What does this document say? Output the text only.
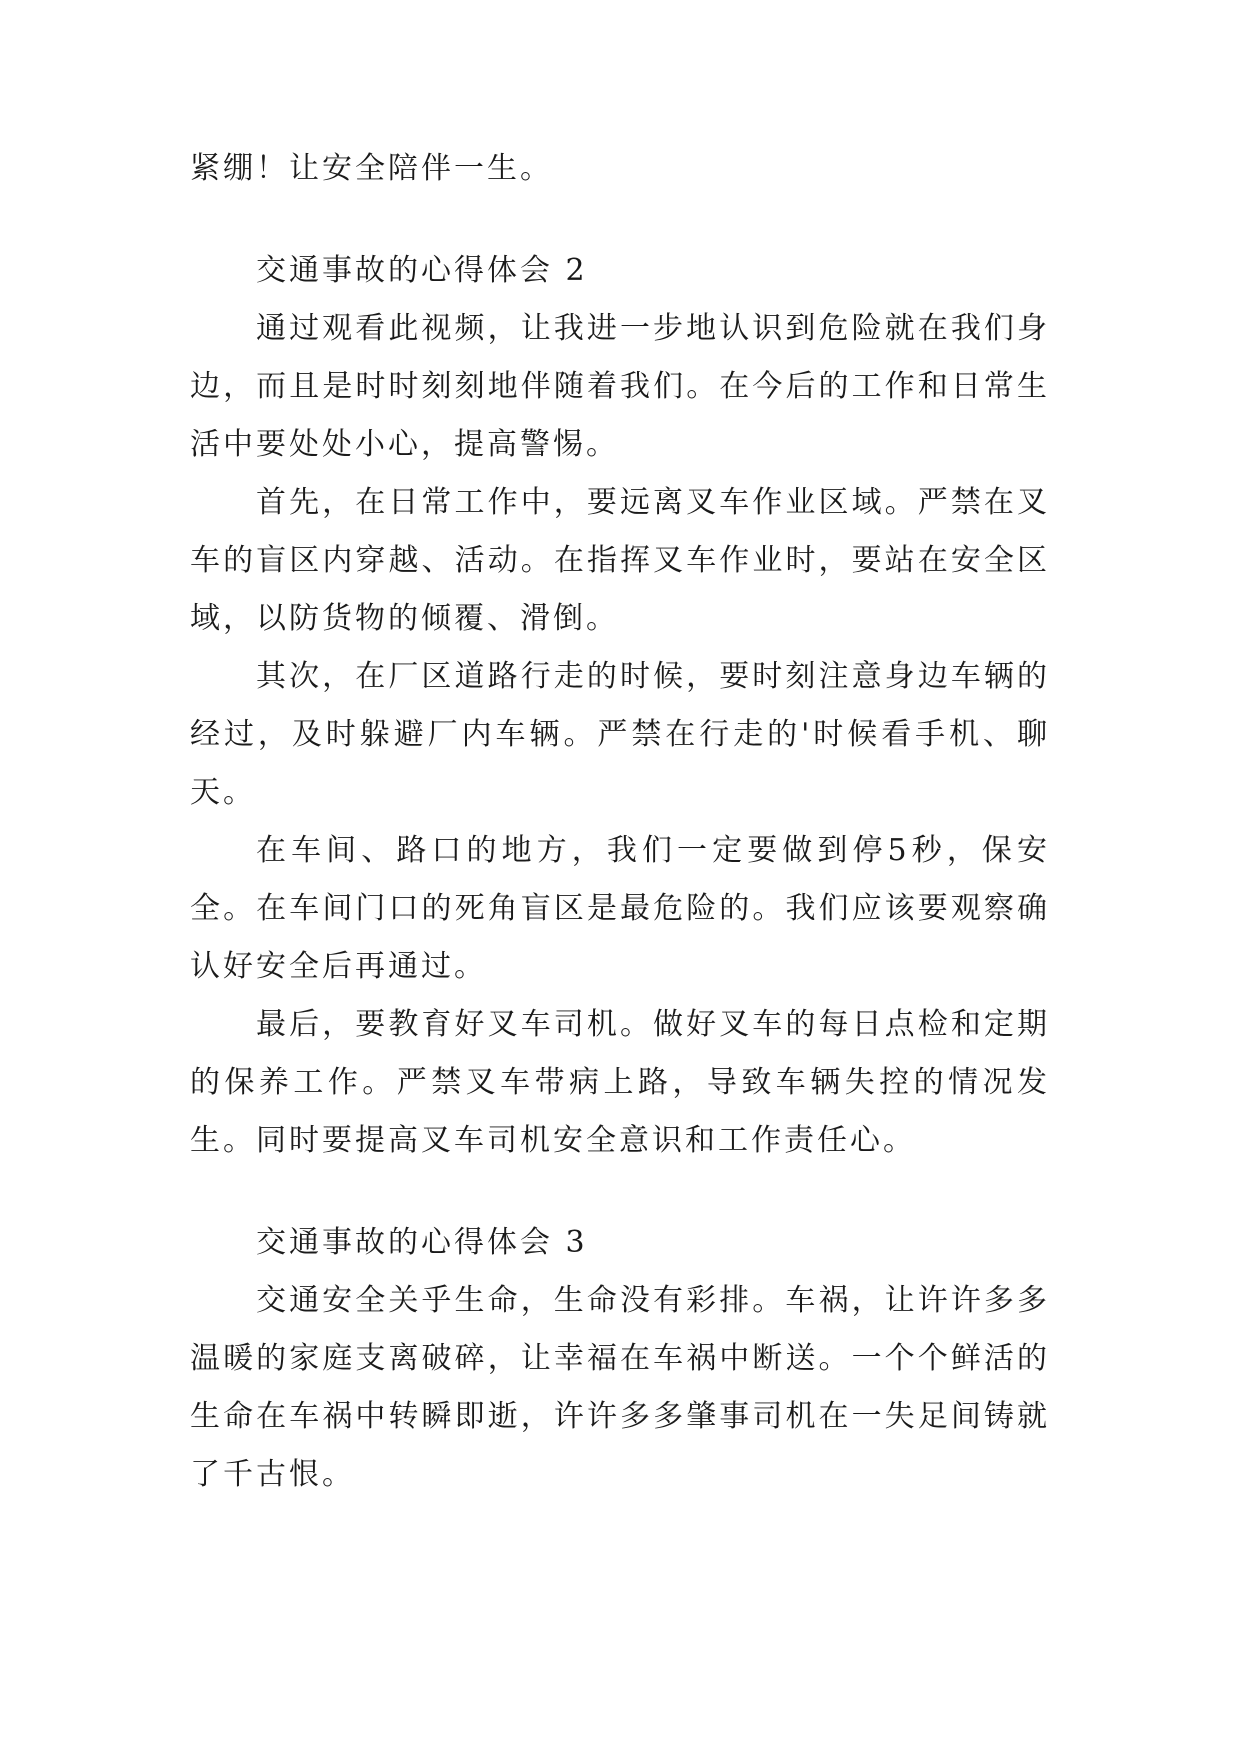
紧绷！让安全陪伴一生。

交通事故的心得体会 2

通过观看此视频，让我进一步地认识到危险就在我们身边，而且是时时刻刻地伴随着我们。在今后的工作和日常生活中要处处小心，提高警惕。

首先，在日常工作中，要远离叉车作业区域。严禁在叉车的盲区内穿越、活动。在指挥叉车作业时，要站在安全区域，以防货物的倾覆、滑倒。

其次，在厂区道路行走的时候，要时刻注意身边车辆的经过，及时躲避厂内车辆。严禁在行走的'时候看手机、聊天。

在车间、路口的地方，我们一定要做到停5秒，保安全。在车间门口的死角盲区是最危险的。我们应该要观察确认好安全后再通过。

最后，要教育好叉车司机。做好叉车的每日点检和定期的保养工作。严禁叉车带病上路，导致车辆失控的情况发生。同时要提高叉车司机安全意识和工作责任心。

交通事故的心得体会 3

交通安全关乎生命，生命没有彩排。车祸，让许许多多温暖的家庭支离破碎，让幸福在车祸中断送。一个个鲜活的生命在车祸中转瞬即逝，许许多多肇事司机在一失足间铸就了千古恨。
